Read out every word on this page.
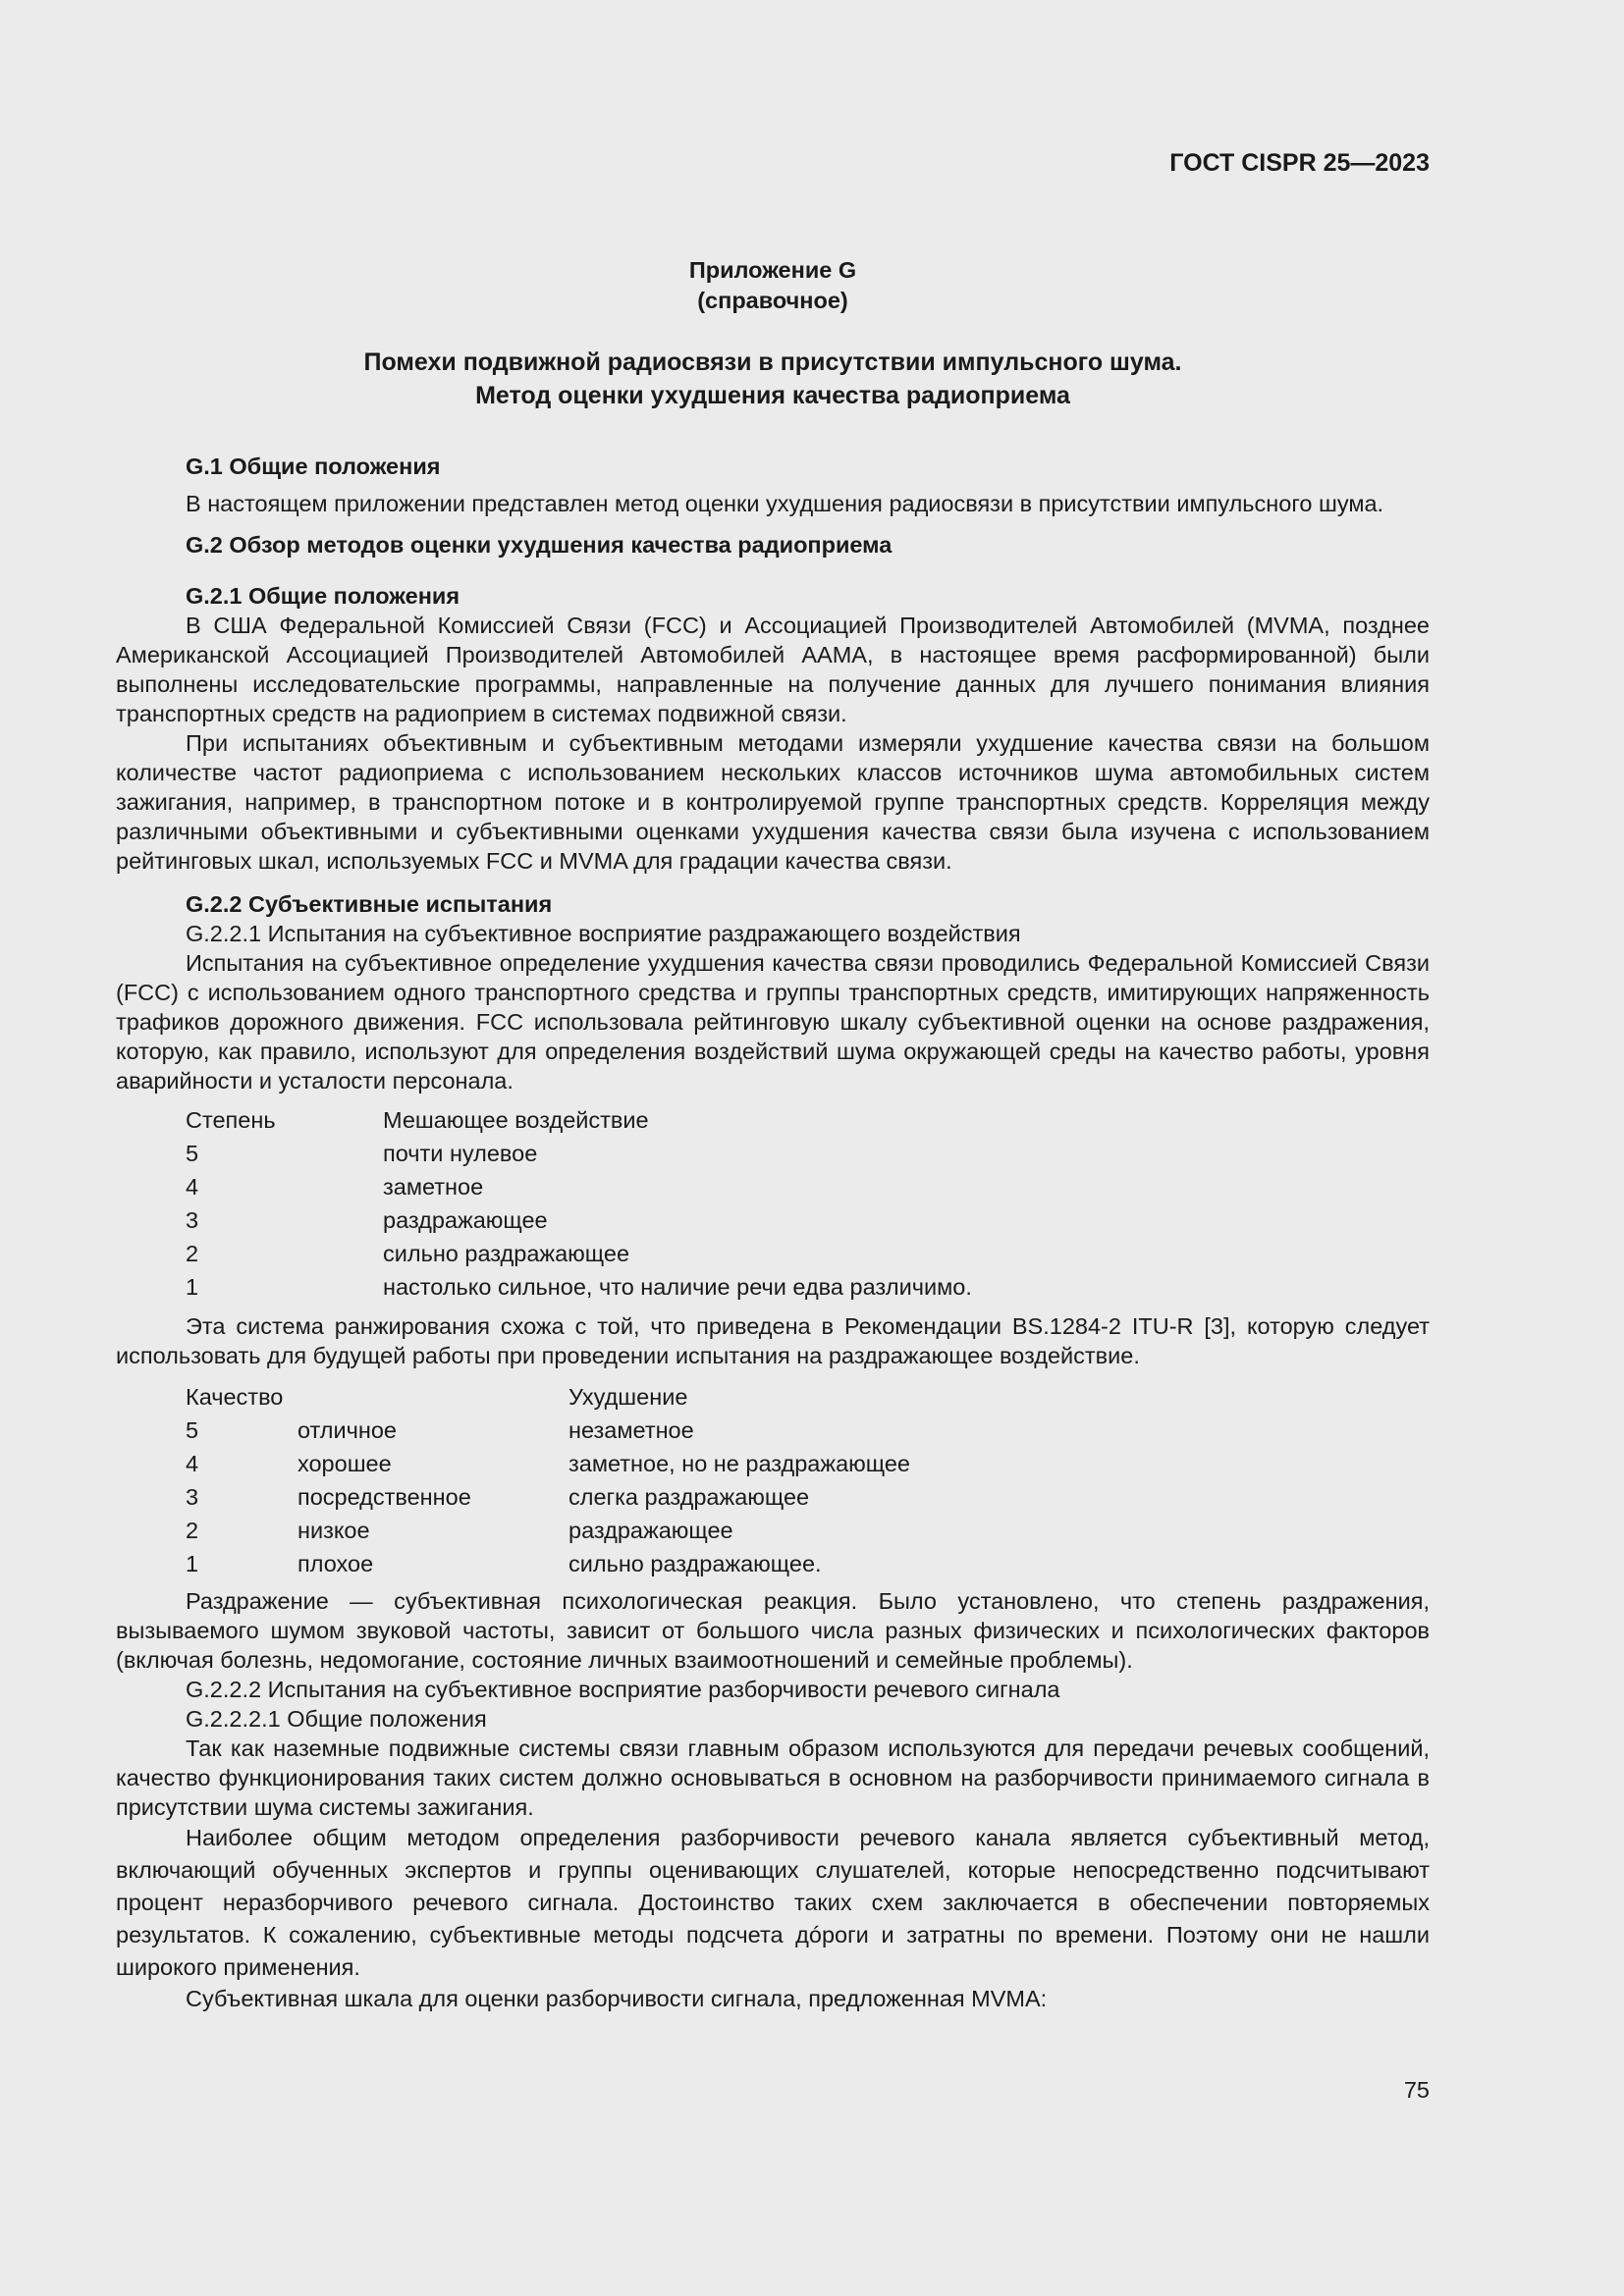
ГОСТ CISPR 25—2023
Приложение G
(справочное)
Помехи подвижной радиосвязи в присутствии импульсного шума.
Метод оценки ухудшения качества радиоприема
G.1 Общие положения

В настоящем приложении представлен метод оценки ухудшения радиосвязи в присутствии импульсного шума.

G.2 Обзор методов оценки ухудшения качества радиоприема
G.2.1 Общие положения

В США Федеральной Комиссией Связи (FCC) и Ассоциацией Производителей Автомобилей (MVMA, позднее Американской Ассоциацией Производителей Автомобилей AAMA, в настоящее время расформированной) были выполнены исследовательские программы, направленные на получение данных для лучшего понимания влияния транспортных средств на радиоприем в системах подвижной связи.

При испытаниях объективным и субъективным методами измеряли ухудшение качества связи на большом количестве частот радиоприема с использованием нескольких классов источников шума автомобильных систем зажигания, например, в транспортном потоке и в контролируемой группе транспортных средств. Корреляция между различными объективными и субъективными оценками ухудшения качества связи была изучена с использованием рейтинговых шкал, используемых FCC и MVMA для градации качества связи.

G.2.2 Субъективные испытания
G.2.2.1 Испытания на субъективное восприятие раздражающего воздействия

Испытания на субъективное определение ухудшения качества связи проводились Федеральной Комиссией Связи (FCC) с использованием одного транспортного средства и группы транспортных средств, имитирующих напряженность трафиков дорожного движения. FCC использовала рейтинговую шкалу субъективной оценки на основе раздражения, которую, как правило, используют для определения воздействий шума окружающей среды на качество работы, уровня аварийности и усталости персонала.

Степень	Мешающее воздействие
5	почти нулевое
4	заметное
3	раздражающее
2	сильно раздражающее
1	настолько сильное, что наличие речи едва различимо.

Эта система ранжирования схожа с той, что приведена в Рекомендации BS.1284-2 ITU-R [3], которую следует использовать для будущей работы при проведении испытания на раздражающее воздействие.

Качество	Ухудшение
5	отличное	незаметное
4	хорошее	заметное, но не раздражающее
3	посредственное	слегка раздражающее
2	низкое	раздражающее
1	плохое	сильно раздражающее.

Раздражение — субъективная психологическая реакция. Было установлено, что степень раздражения, вызываемого шумом звуковой частоты, зависит от большого числа разных физических и психологических факторов (включая болезнь, недомогание, состояние личных взаимоотношений и семейные проблемы).

G.2.2.2 Испытания на субъективное восприятие разборчивости речевого сигнала
G.2.2.2.1 Общие положения

Так как наземные подвижные системы связи главным образом используются для передачи речевых сообщений, качество функционирования таких систем должно основываться в основном на разборчивости принимаемого сигнала в присутствии шума системы зажигания.

Наиболее общим методом определения разборчивости речевого канала является субъективный метод, включающий обученных экспертов и группы оценивающих слушателей, которые непосредственно подсчитывают процент неразборчивого речевого сигнала. Достоинство таких схем заключается в обеспечении повторяемых результатов. К сожалению, субъективные методы подсчета дóроги и затратны по времени. Поэтому они не нашли широкого применения.

Субъективная шкала для оценки разборчивости сигнала, предложенная MVMA:

75
